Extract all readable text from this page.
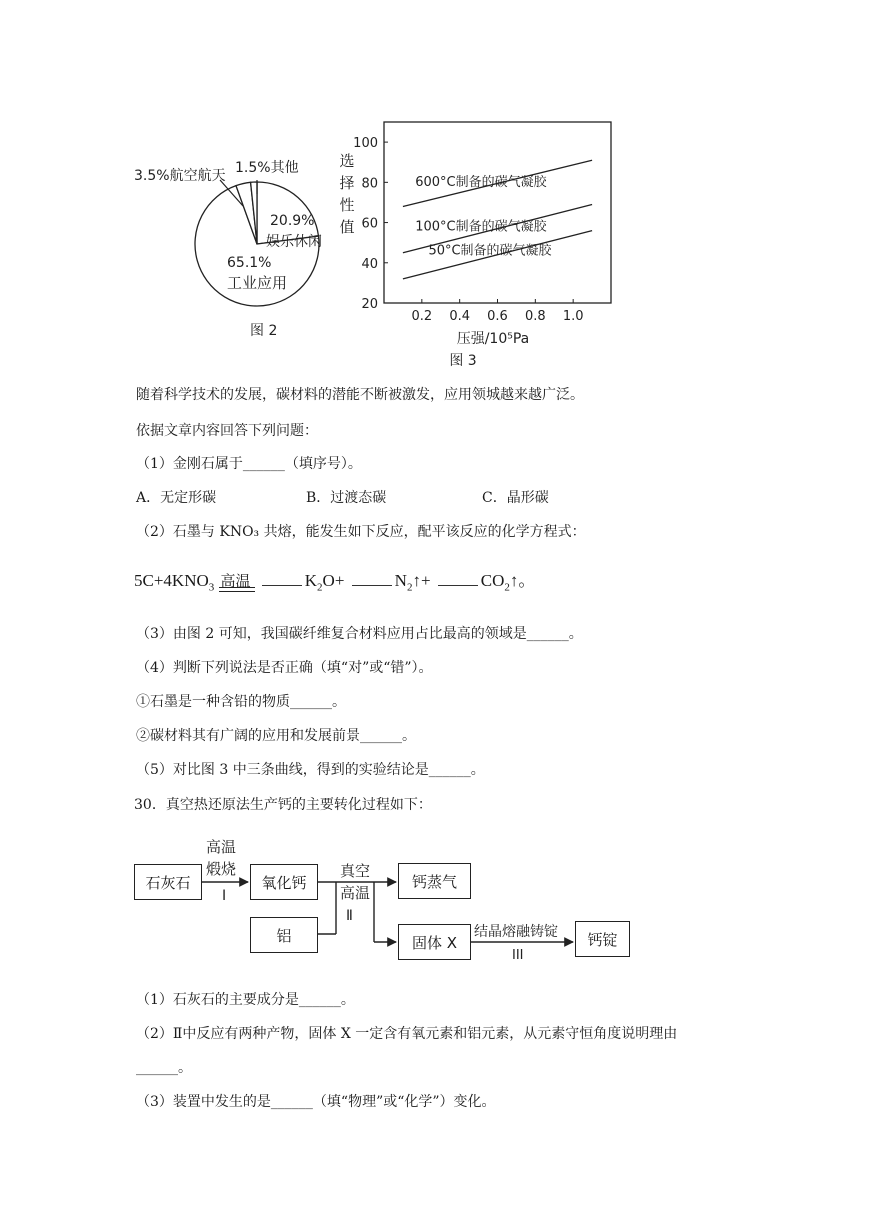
3.5%航空航天 1.5%其他
20.9%
娱乐休闲
65.1%
工业应用
图 2
选
择
性
值
20
40
60
80
100
0.2 0.4 0.6 0.8 1.0
600°C制备的碳气凝胶
100°C制备的碳气凝胶
50°C制备的碳气凝胶
压强/10⁵Pa
图 3
随着科学技术的发展，碳材料的潜能不断被激发，应用领城越来越广泛。
依据文章内容回答下列问题：
（1）金刚石属于______（填序号）。
A．无定形碳	B．过渡态碳	C．晶形碳
（2）石墨与 KNO₃ 共熔，能发生如下反应，配平该反应的化学方程式：
$5C+4KNO_3$ 高温	$K_2O+$	$N_2↑+$	$CO_2↑$。
（3）由图 2 可知，我国碳纤维复合材料应用占比最高的领域是______。
（4）判断下列说法是否正确（填“对”或“错”）。
①石墨是一种含铅的物质______。
②碳材料其有广阔的应用和发展前景______。
（5）对比图 3 中三条曲线，得到的实验结论是______。
30．真空热还原法生产钙的主要转化过程如下：
石灰石	氧化钙
铝
钙蒸气
固体 X	钙锭
高温
煅烧
I
真空
高温
Ⅱ
结晶熔融铸锭
III
（1）石灰石的主要成分是______。
（2）Ⅱ中反应有两种产物，固体 X 一定含有氧元素和铝元素，从元素守恒角度说明理由
______。
（3）装置中发生的是______（填“物理”或“化学”）变化。
